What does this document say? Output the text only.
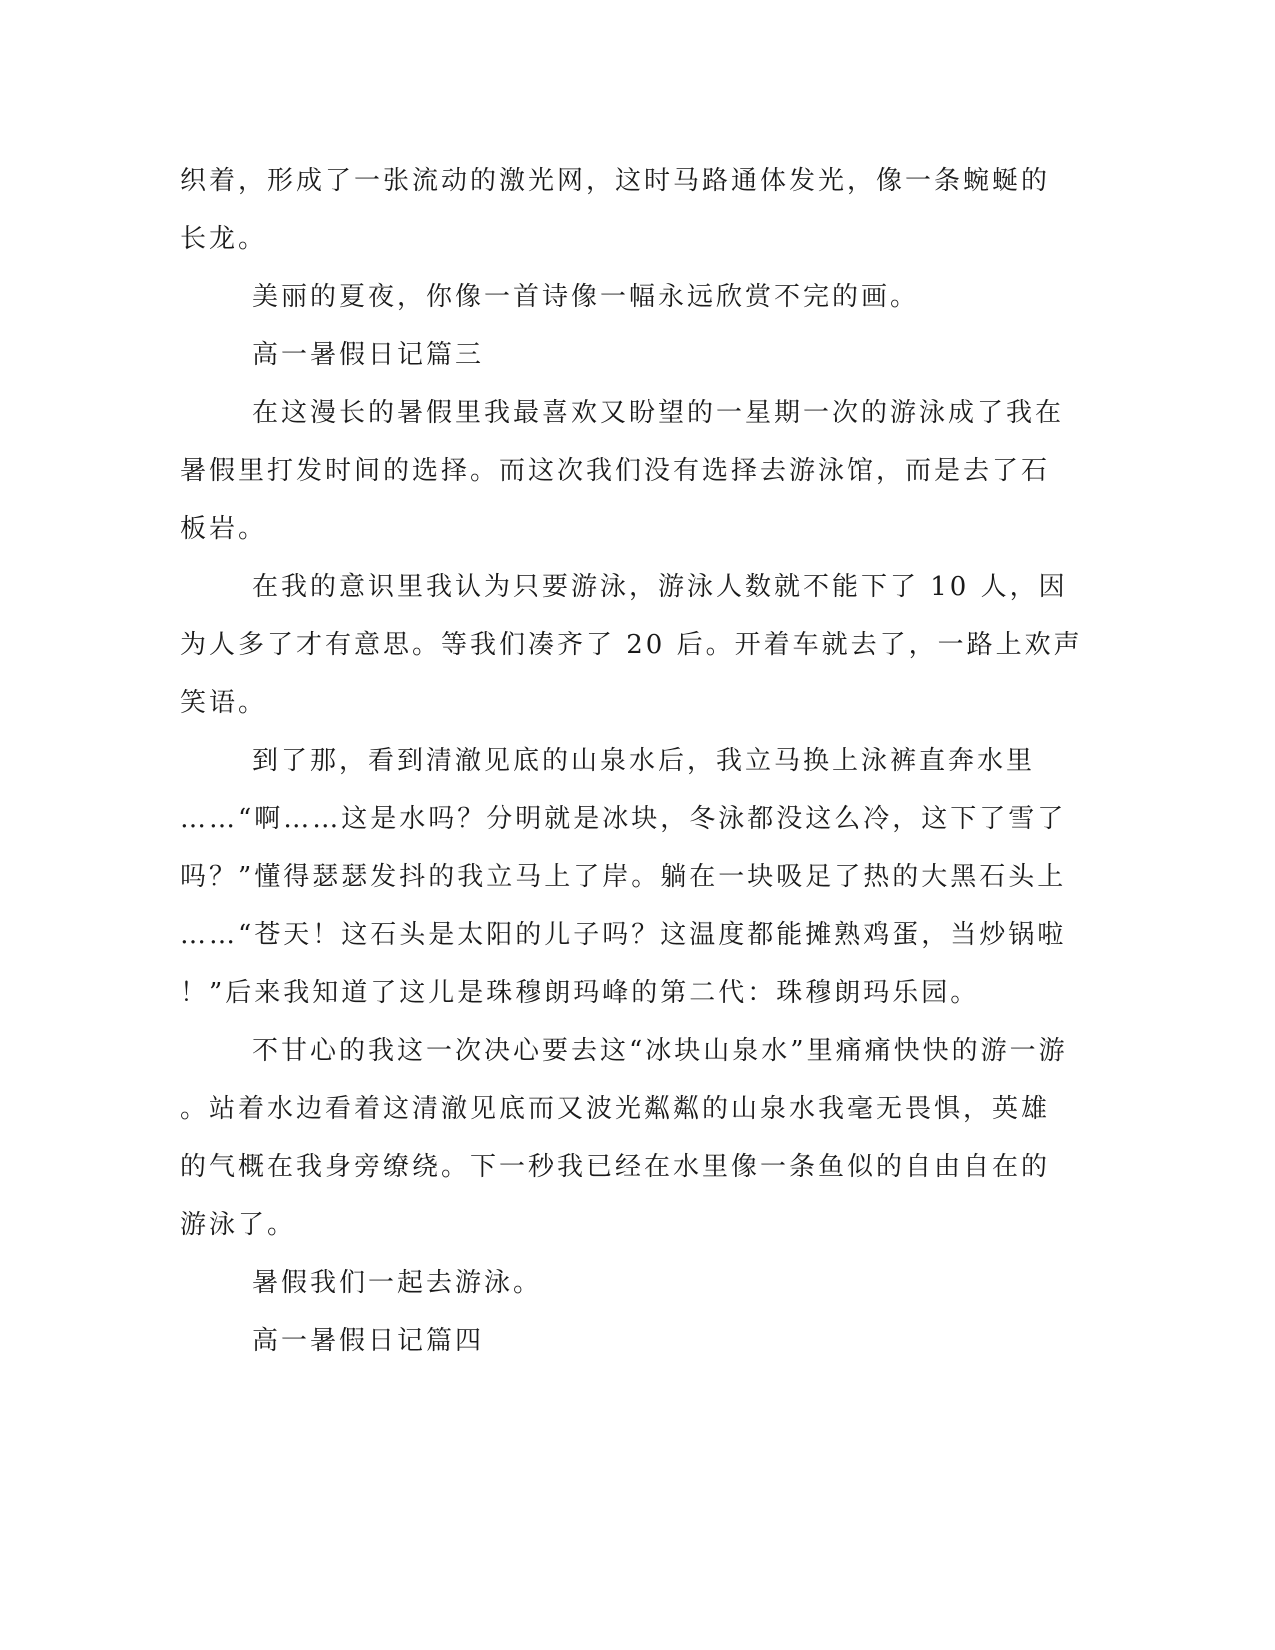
织着，形成了一张流动的激光网，这时马路通体发光，像一条蜿蜒的
长龙。
美丽的夏夜，你像一首诗像一幅永远欣赏不完的画。
高一暑假日记篇三
在这漫长的暑假里我最喜欢又盼望的一星期一次的游泳成了我在
暑假里打发时间的选择。而这次我们没有选择去游泳馆，而是去了石
板岩。
在我的意识里我认为只要游泳，游泳人数就不能下了 10 人，因
为人多了才有意思。等我们凑齐了 20 后。开着车就去了，一路上欢声
笑语。
到了那，看到清澈见底的山泉水后，我立马换上泳裤直奔水里
……“啊……这是水吗？分明就是冰块，冬泳都没这么冷，这下了雪了
吗？”懂得瑟瑟发抖的我立马上了岸。躺在一块吸足了热的大黑石头上
……“苍天！这石头是太阳的儿子吗？这温度都能摊熟鸡蛋，当炒锅啦
！”后来我知道了这儿是珠穆朗玛峰的第二代：珠穆朗玛乐园。
不甘心的我这一次决心要去这“冰块山泉水”里痛痛快快的游一游
。站着水边看着这清澈见底而又波光粼粼的山泉水我毫无畏惧，英雄
的气概在我身旁缭绕。下一秒我已经在水里像一条鱼似的自由自在的
游泳了。
暑假我们一起去游泳。
高一暑假日记篇四
